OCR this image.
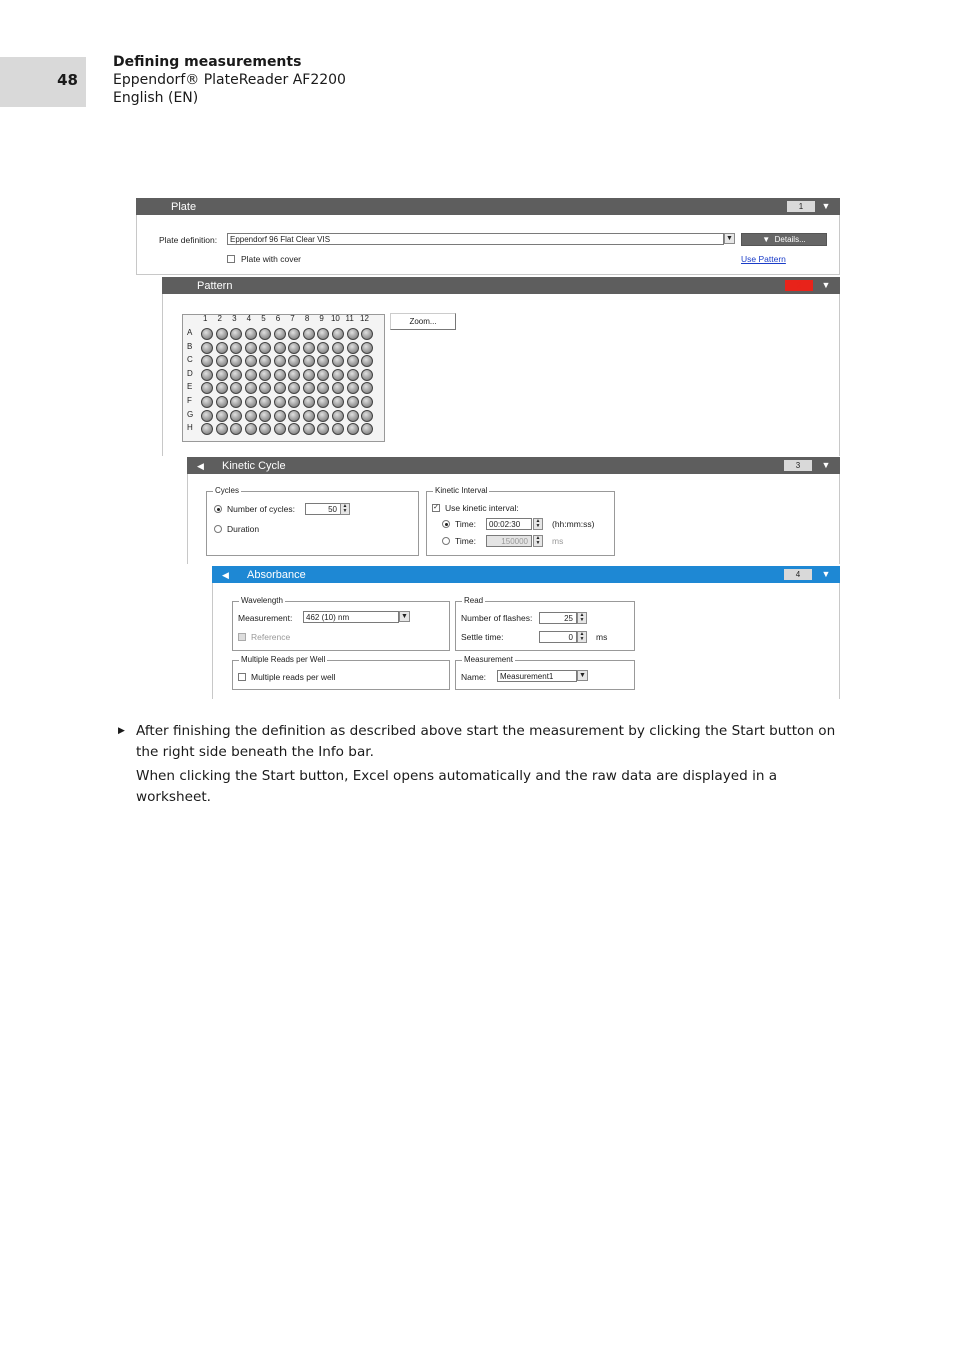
48
Defining measurements
Eppendorf® PlateReader AF2200
English (EN)
Plate	1	▼
Plate definition:	Eppendorf 96 Flat Clear VIS	▼	▼  Details...
Plate with cover	Use Pattern
Pattern	2	▼
1 2 3 4 5 6 7 8 9 10 11 12
A
B
C
D
E
F
G
H
Zoom...
◀ Kinetic Cycle	3	▼
Cycles
Number of cycles:	50	▲
▼
Duration
Kinetic Interval
✓ Use kinetic interval:
Time:	00:02:30	▲
▼ (hh:mm:ss)
Time:	150000	▲
▼ ms
◀ Absorbance	4	▼
Wavelength
Measurement:	462 (10) nm	▼
Reference
Read
Number of flashes:	25	▲
▼
Settle time:	0	▲
▼ ms
Multiple Reads per Well
Multiple reads per well
Measurement
Name:	Measurement1	▼
▶ After finishing the definition as described above start the measurement by clicking the Start button on the right side beneath the Info bar.
When clicking the Start button, Excel opens automatically and the raw data are displayed in a worksheet.
